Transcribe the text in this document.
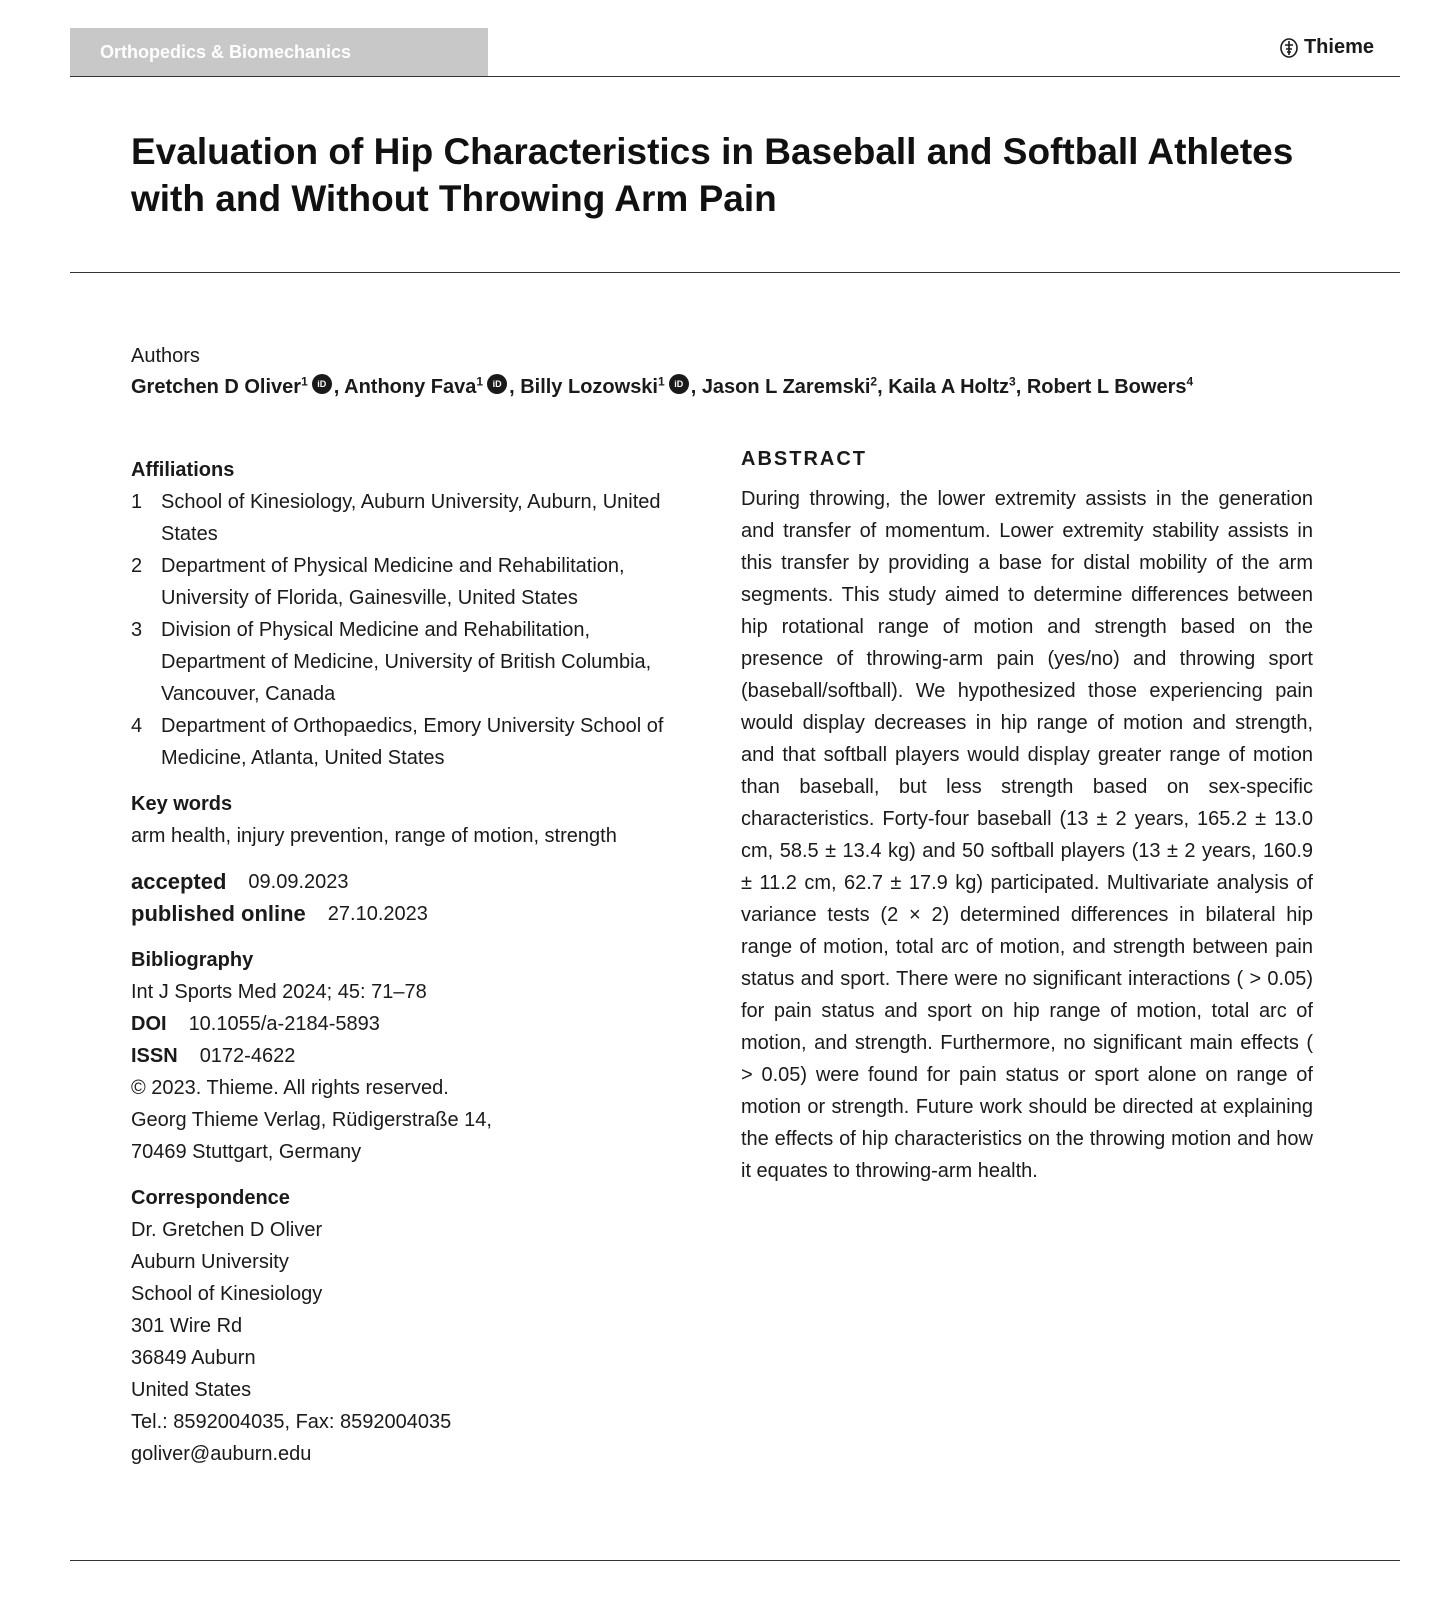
Orthopedics & Biomechanics	Thieme
Evaluation of Hip Characteristics in Baseball and Softball Athletes
with and Without Throwing Arm Pain
Authors
Gretchen D Oliver$^1$ iD , Anthony Fava$^1$ iD , Billy Lozowski$^1$ iD , Jason L Zaremski$^2$, Kaila A Holtz$^3$, Robert L Bowers$^4$
Affiliations
1 School of Kinesiology, Auburn University, Auburn, United
States
2 Department of Physical Medicine and Rehabilitation,
University of Florida, Gainesville, United States
3 Division of Physical Medicine and Rehabilitation,
Department of Medicine, University of British Columbia,
Vancouver, Canada
4 Department of Orthopaedics, Emory University School of
Medicine, Atlanta, United States
Key words
arm health, injury prevention, range of motion, strength
accepted 09.09.2023
published online 27.10.2023
Bibliography
Int J Sports Med 2024; 45: 71–78
DOI 10.1055/a-2184-5893
ISSN 0172-4622
© 2023. Thieme. All rights reserved.
Georg Thieme Verlag, Rüdigerstraße 14,
70469 Stuttgart, Germany
Correspondence
Dr. Gretchen D Oliver
Auburn University
School of Kinesiology
301 Wire Rd
36849 Auburn
United States
Tel.: 8592004035, Fax: 8592004035
goliver@auburn.edu
ABSTRACT
During throwing, the lower extremity assists in the generation and transfer of momentum. Lower extremity stability assists in this transfer by providing a base for distal mobility of the arm segments. This study aimed to determine differences between hip rotational range of motion and strength based on the presence of throwing-arm pain (yes/no) and throwing sport (baseball/softball). We hypothesized those experiencing pain would display decreases in hip range of motion and strength, and that softball players would display greater range of motion than baseball, but less strength based on sex-specific characteristics. Forty-four baseball (13 ± 2 years, 165.2 ± 13.0 cm, 58.5 ± 13.4 kg) and 50 softball players (13 ± 2 years, 160.9 ± 11.2 cm, 62.7 ± 17.9 kg) participated. Multivariate analysis of variance tests (2 × 2) determined differences in bilateral hip range of motion, total arc of motion, and strength between pain status and sport. There were no significant interactions ( > 0.05) for pain status and sport on hip range of motion, total arc of motion, and strength. Furthermore, no significant main effects ( > 0.05) were found for pain status or sport alone on range of motion or strength. Future work should be directed at explaining the effects of hip characteristics on the throwing motion and how it equates to throwing-arm health.
